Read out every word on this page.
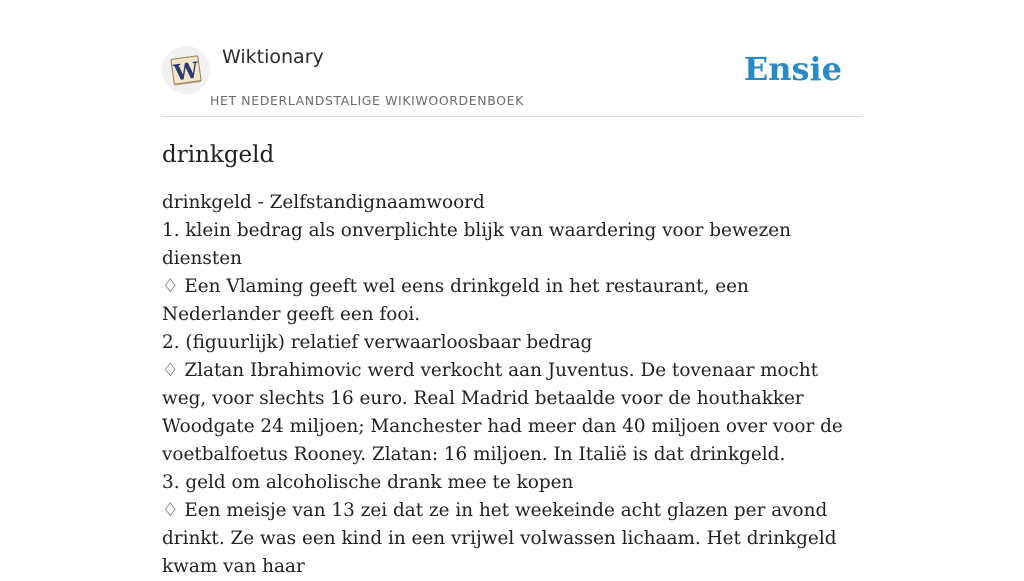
W
Wiktionary
HET NEDERLANDSTALIGE WIKIWOORDENBOEK
Ensie
drinkgeld
drinkgeld - Zelfstandignaamwoord
1. klein bedrag als onverplichte blijk van waardering voor bewezen diensten
♢ Een Vlaming geeft wel eens drinkgeld in het restaurant, een Nederlander geeft een fooi.
2. (figuurlijk) relatief verwaarloosbaar bedrag
♢ Zlatan Ibrahimovic werd verkocht aan Juventus. De tovenaar mocht weg, voor slechts 16 euro. Real Madrid betaalde voor de houthakker Woodgate 24 miljoen; Manchester had meer dan 40 miljoen over voor de voetbalfoetus Rooney. Zlatan: 16 miljoen. In Italië is dat drinkgeld.
3. geld om alcoholische drank mee te kopen
♢ Een meisje van 13 zei dat ze in het weekeinde acht glazen per avond drinkt. Ze was een kind in een vrijwel volwassen lichaam. Het drinkgeld kwam van haar
